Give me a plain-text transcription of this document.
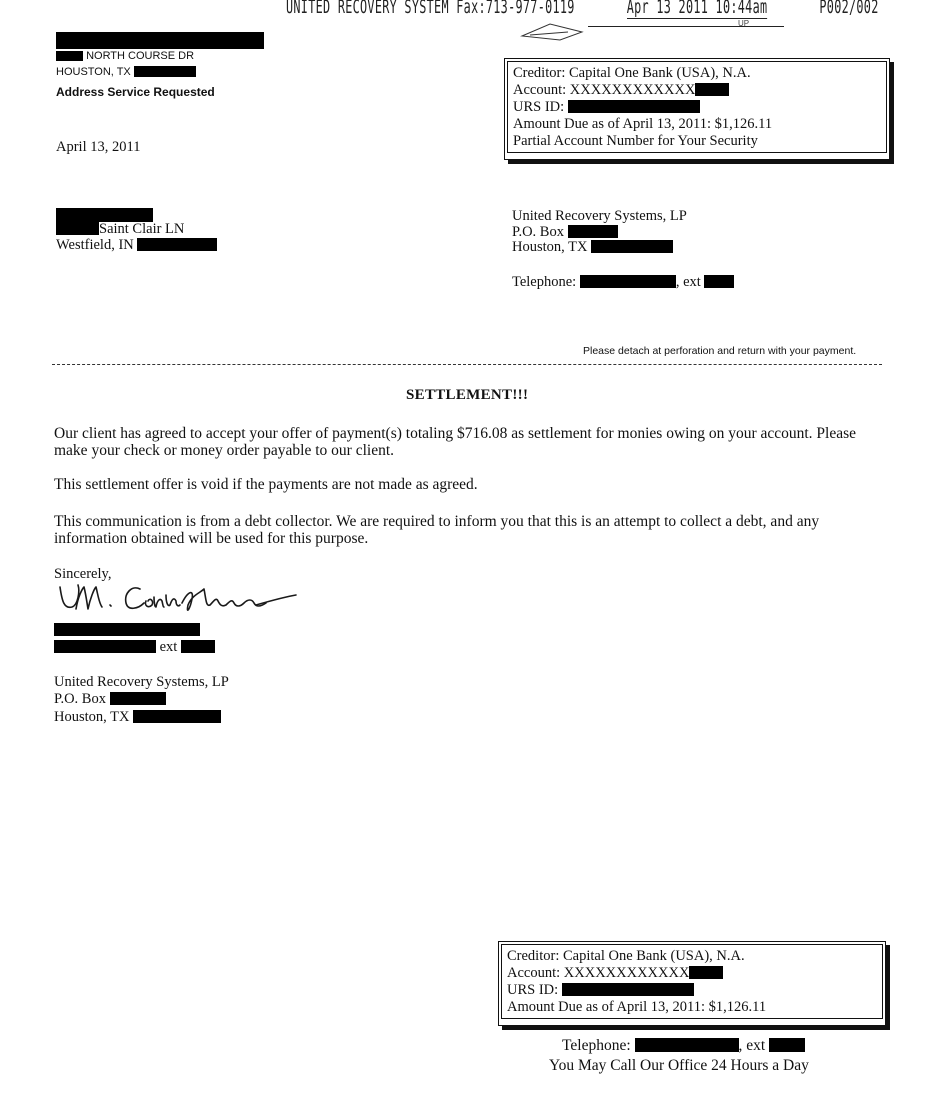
UNITED RECOVERY SYSTEM Fax:713-977-0119	Apr 13 2011 10:44am	P002/002
UP
NORTH COURSE DR
HOUSTON, TX
Address Service Requested
April 13, 2011
Saint Clair LN
Westfield, IN
Creditor: Capital One Bank (USA), N.A.
Account: XXXXXXXXXXXX
URS ID:
Amount Due as of April 13, 2011: $1,126.11
Partial Account Number for Your Security
United Recovery Systems, LP
P.O. Box
Houston, TX
Telephone:	, ext
Please detach at perforation and return with your payment.
SETTLEMENT!!!
Our client has agreed to accept your offer of payment(s) totaling $716.08 as settlement for monies owing on your account. Please make your check or money order payable to our client.
This settlement offer is void if the payments are not made as agreed.
This communication is from a debt collector. We are required to inform you that this is an attempt to collect a debt, and any information obtained will be used for this purpose.
Sincerely,
ext
United Recovery Systems, LP
P.O. Box
Houston, TX
Creditor: Capital One Bank (USA), N.A.
Account: XXXXXXXXXXXX
URS ID:
Amount Due as of April 13, 2011: $1,126.11
Telephone:	, ext
You May Call Our Office 24 Hours a Day
